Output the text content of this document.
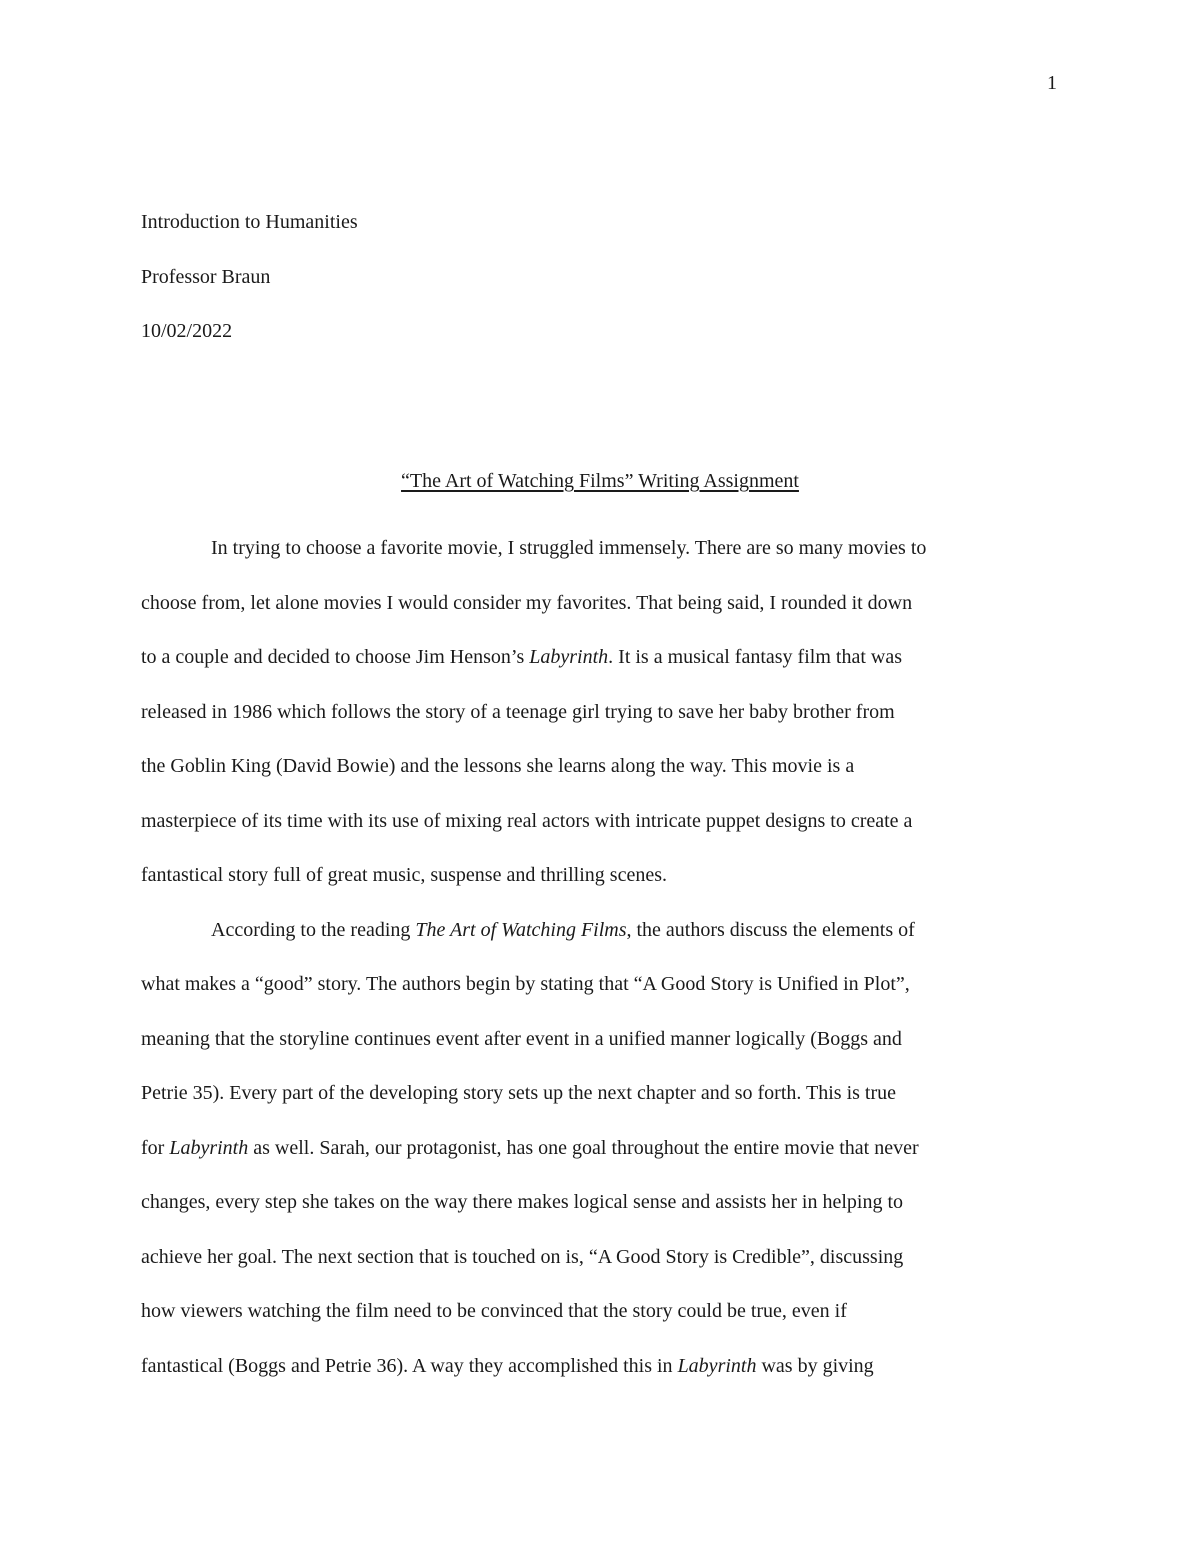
1
Introduction to Humanities
Professor Braun
10/02/2022
“The Art of Watching Films” Writing Assignment
In trying to choose a favorite movie, I struggled immensely. There are so many movies to
choose from, let alone movies I would consider my favorites. That being said, I rounded it down
to a couple and decided to choose Jim Henson’s Labyrinth. It is a musical fantasy film that was
released in 1986 which follows the story of a teenage girl trying to save her baby brother from
the Goblin King (David Bowie) and the lessons she learns along the way. This movie is a
masterpiece of its time with its use of mixing real actors with intricate puppet designs to create a
fantastical story full of great music, suspense and thrilling scenes.
According to the reading The Art of Watching Films, the authors discuss the elements of
what makes a “good” story. The authors begin by stating that “A Good Story is Unified in Plot”,
meaning that the storyline continues event after event in a unified manner logically (Boggs and
Petrie 35). Every part of the developing story sets up the next chapter and so forth. This is true
for Labyrinth as well. Sarah, our protagonist, has one goal throughout the entire movie that never
changes, every step she takes on the way there makes logical sense and assists her in helping to
achieve her goal. The next section that is touched on is, “A Good Story is Credible”, discussing
how viewers watching the film need to be convinced that the story could be true, even if
fantastical (Boggs and Petrie 36). A way they accomplished this in Labyrinth was by giving
